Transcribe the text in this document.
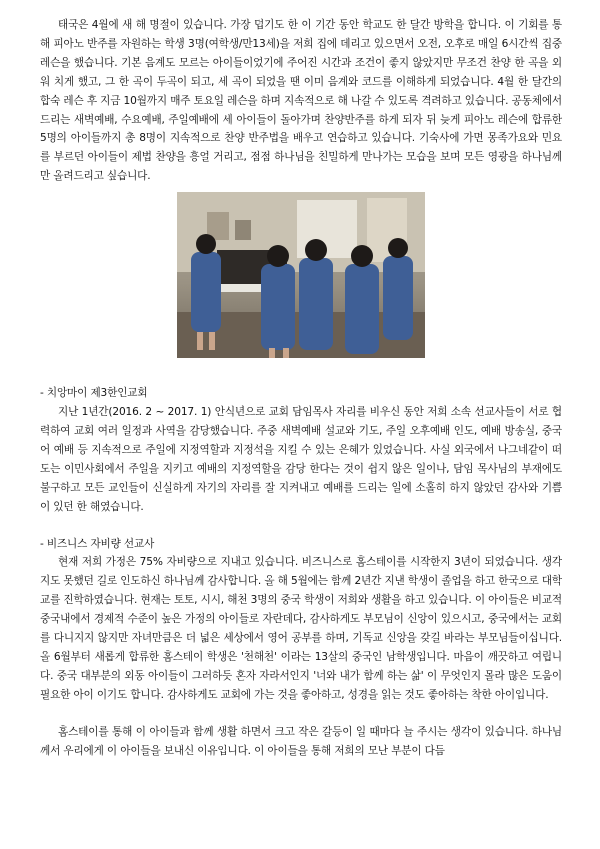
태국은 4월에 새 해 명절이 있습니다. 가장 덥기도 한 이 기간 동안 학교도 한 달간 방학을 합니다. 이 기회를 통해 피아노 반주를 자원하는 학생 3명(여학생/만13세)을 저희 집에 데리고 있으면서 오전, 오후로 매일 6시간씩 집중 레슨을 했습니다. 기본 음계도 모르는 아이들이었기에 주어진 시간과 조건이 좋지 않았지만 무조건 찬양 한 곡을 외워 치게 했고, 그 한 곡이 두곡이 되고, 세 곡이 되었을 땐 이미 음계와 코드를 이해하게 되었습니다. 4월 한 달간의 합숙 레슨 후 지금 10월까지 매주 토요일 레슨을 하며 지속적으로 해 나갈 수 있도록 격려하고 있습니다. 공동체에서 드리는 새벽예배, 수요예배, 주일예배에 세 아이들이 돌아가며 찬양반주를 하게 되자 뒤 늦게 피아노 레슨에 합류한 5명의 아이들까지 총 8명이 지속적으로 찬양 반주법을 배우고 연습하고 있습니다. 기숙사에 가면 몽족가요와 민요를 부르던 아이들이 제법 찬양을 흥얼 거리고, 점점 하나님을 친밀하게 만나가는 모습을 보며 모든 영광을 하나님께만 올려드리고 싶습니다.

- 치앙마이 제3한인교회

지난 1년간(2016. 2 ~ 2017. 1) 안식년으로 교회 담임목사 자리를 비우신 동안 저희 소속 선교사들이 서로 협력하여 교회 여러 일정과 사역을 감당했습니다. 주중 새벽예배 설교와 기도, 주일 오후예배 인도, 예배 방송실, 중국어 예배 등 지속적으로 주일에 지정역할과 지정석을 지킬 수 있는 은혜가 있었습니다. 사실 외국에서 나그네같이 떠도는 이민사회에서 주일을 지키고 예배의 지정역할을 감당 한다는 것이 쉽지 않은 일이나, 담임 목사님의 부재에도 불구하고 모든 교인들이 신실하게 자기의 자리를 잘 지켜내고 예배를 드리는 일에 소홀히 하지 않았던 감사와 기쁨이 있던 한 해였습니다.

- 비즈니스 자비량 선교사

현재 저희 가정은 75% 자비량으로 지내고 있습니다. 비즈니스로 홈스테이를 시작한지 3년이 되었습니다. 생각지도 못했던 길로 인도하신 하나님께 감사합니다. 올 해 5월에는 함께 2년간 지낸 학생이 졸업을 하고 한국으로 대학교를 진학하였습니다. 현재는 토토, 시시, 해천 3명의 중국 학생이 저희와 생활을 하고 있습니다. 이 아이들은 비교적 중국내에서 경제적 수준이 높은 가정의 아이들로 자란데다, 감사하게도 부모님이 신앙이 있으시고, 중국에서는 교회를 다니지지 않지만 자녀만큼은 더 넓은 세상에서 영어 공부를 하며, 기독교 신앙을 갖길 바라는 부모님들이십니다. 올 6월부터 새롭게 합류한 홈스테이 학생은 '천해천' 이라는 13살의 중국인 남학생입니다. 마음이 깨끗하고 여립니다. 중국 대부분의 외동 아이들이 그러하듯 혼자 자라서인지 '너와 내가 함께 하는 삶' 이 무엇인지 몰라 많은 도움이 필요한 아이 이기도 합니다. 감사하게도 교회에 가는 것을 좋아하고, 성경을 읽는 것도 좋아하는 착한 아이입니다.

홈스테이를 통해 이 아이들과 함께 생활 하면서 크고 작은 갈등이 일 때마다 늘 주시는 생각이 있습니다. 하나님께서 우리에게 이 아이들을 보내신 이유입니다. 이 아이들을 통해 저희의 모난 부분이 다듬
